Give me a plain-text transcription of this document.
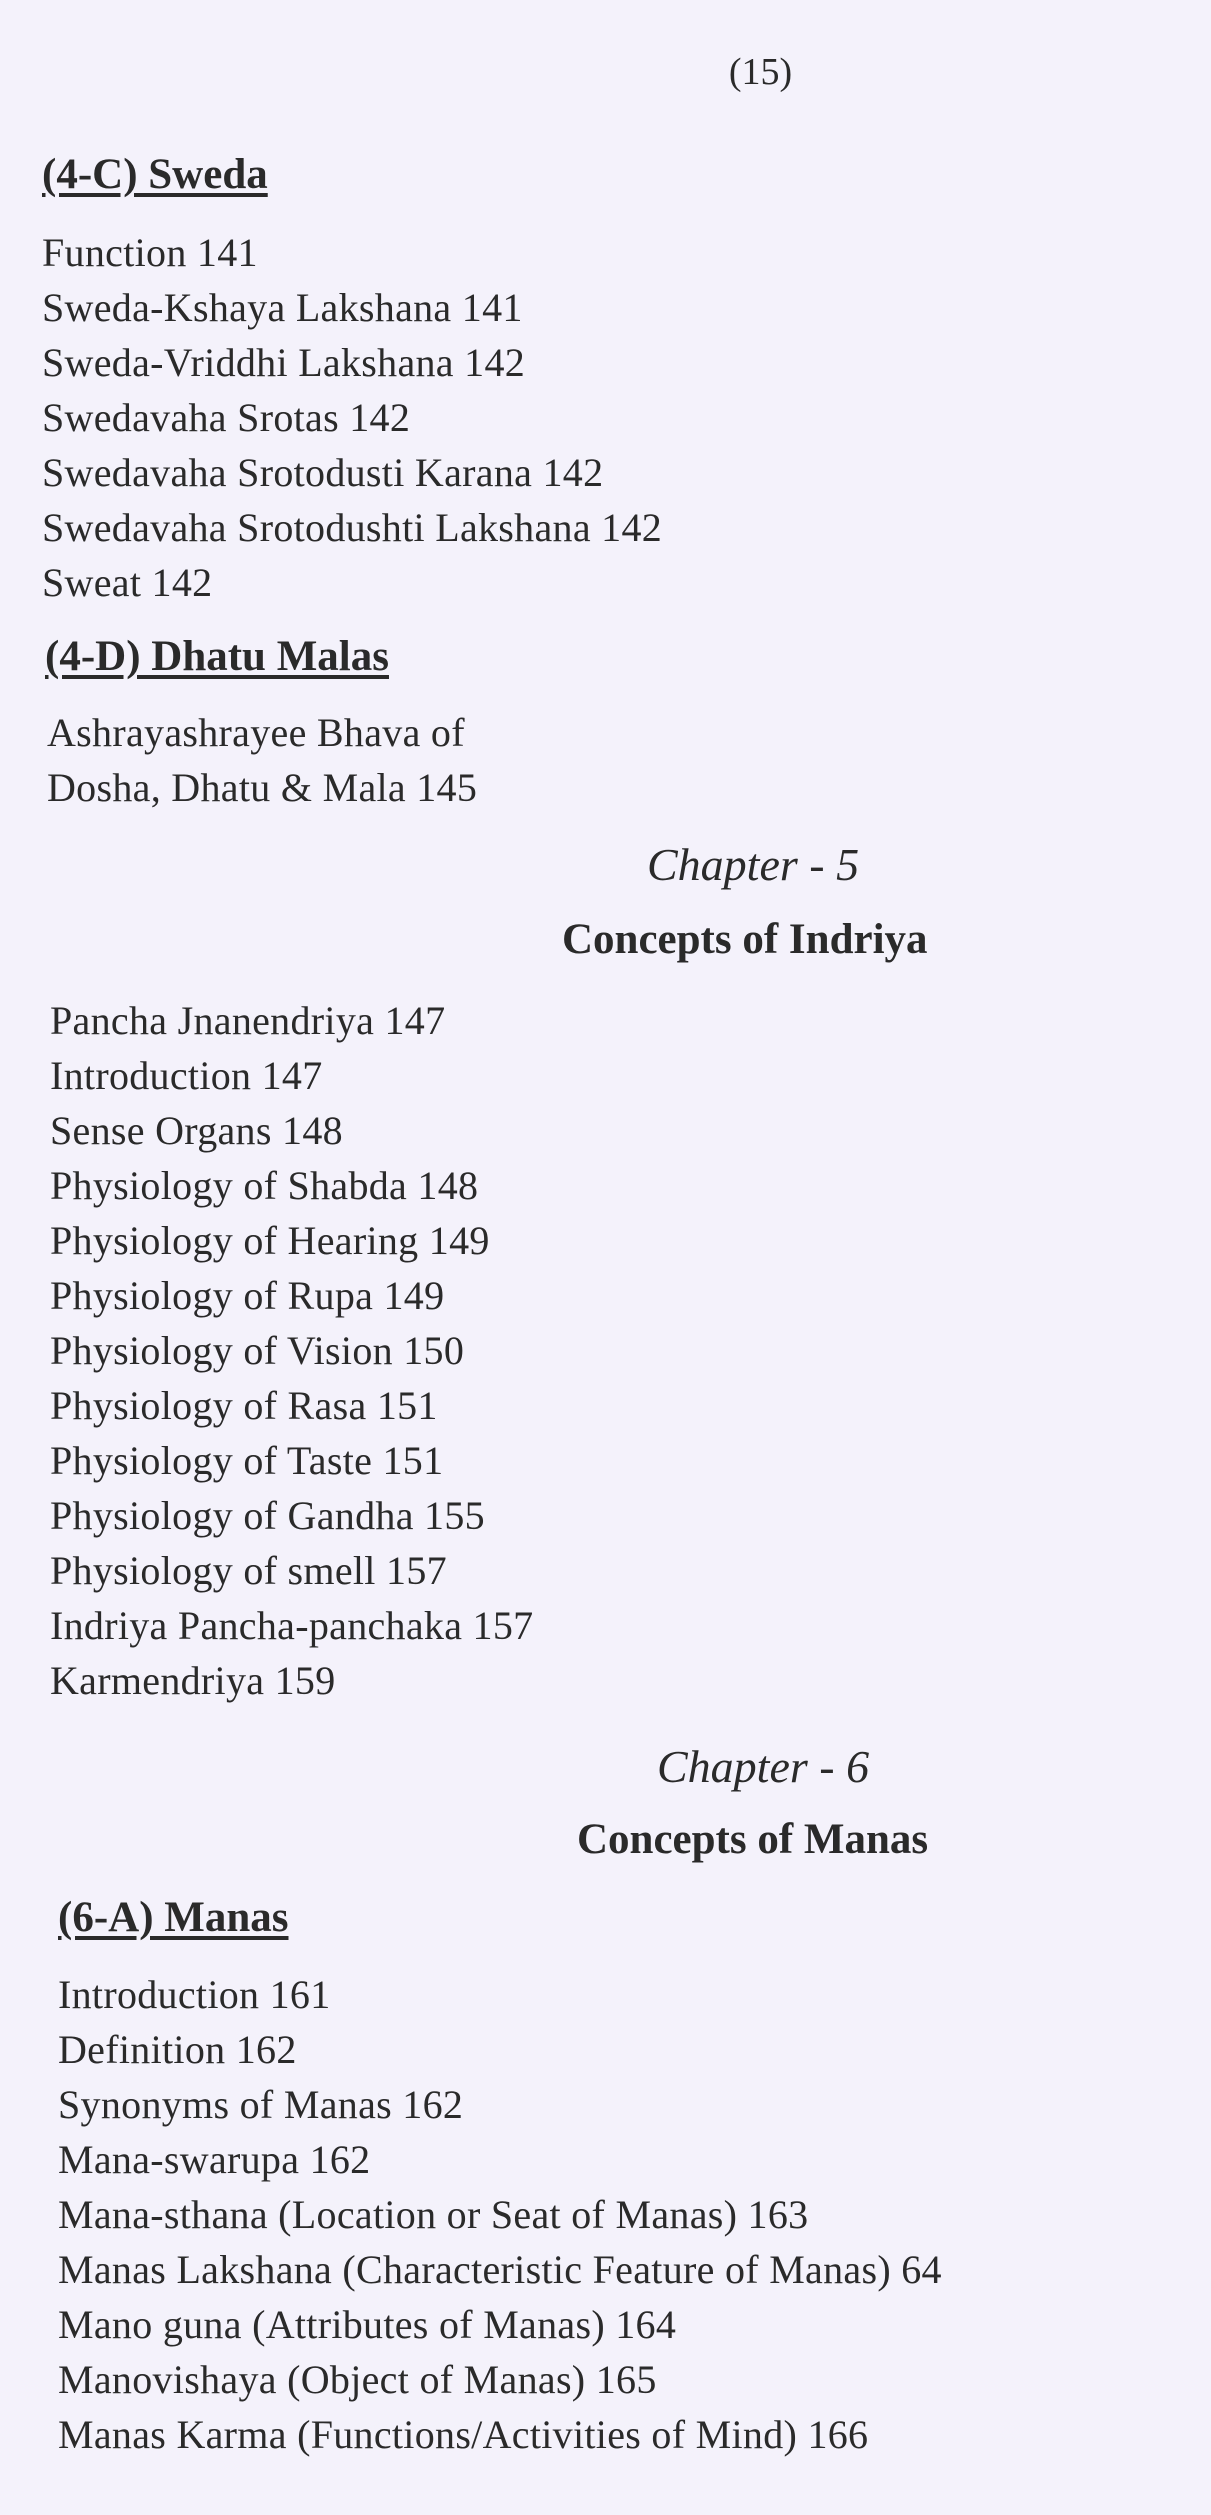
(15)
(4-C) Sweda
Function 141
Sweda-Kshaya Lakshana 141
Sweda-Vriddhi Lakshana 142
Swedavaha Srotas 142
Swedavaha Srotodusti Karana 142
Swedavaha Srotodushti Lakshana 142
Sweat 142
(4-D) Dhatu Malas
Ashrayashrayee Bhava of
Dosha, Dhatu & Mala 145
Chapter - 5
Concepts of Indriya
Pancha Jnanendriya 147
Introduction 147
Sense Organs 148
Physiology of Shabda 148
Physiology of Hearing 149
Physiology of Rupa 149
Physiology of Vision 150
Physiology of Rasa 151
Physiology of Taste 151
Physiology of Gandha 155
Physiology of smell 157
Indriya Pancha-panchaka 157
Karmendriya 159
Chapter - 6
Concepts of Manas
(6-A) Manas
Introduction 161
Definition 162
Synonyms of Manas 162
Mana-swarupa 162
Mana-sthana (Location or Seat of Manas) 163
Manas Lakshana (Characteristic Feature of Manas) 64
Mano guna (Attributes of Manas) 164
Manovishaya (Object of Manas) 165
Manas Karma (Functions/Activities of Mind) 166
